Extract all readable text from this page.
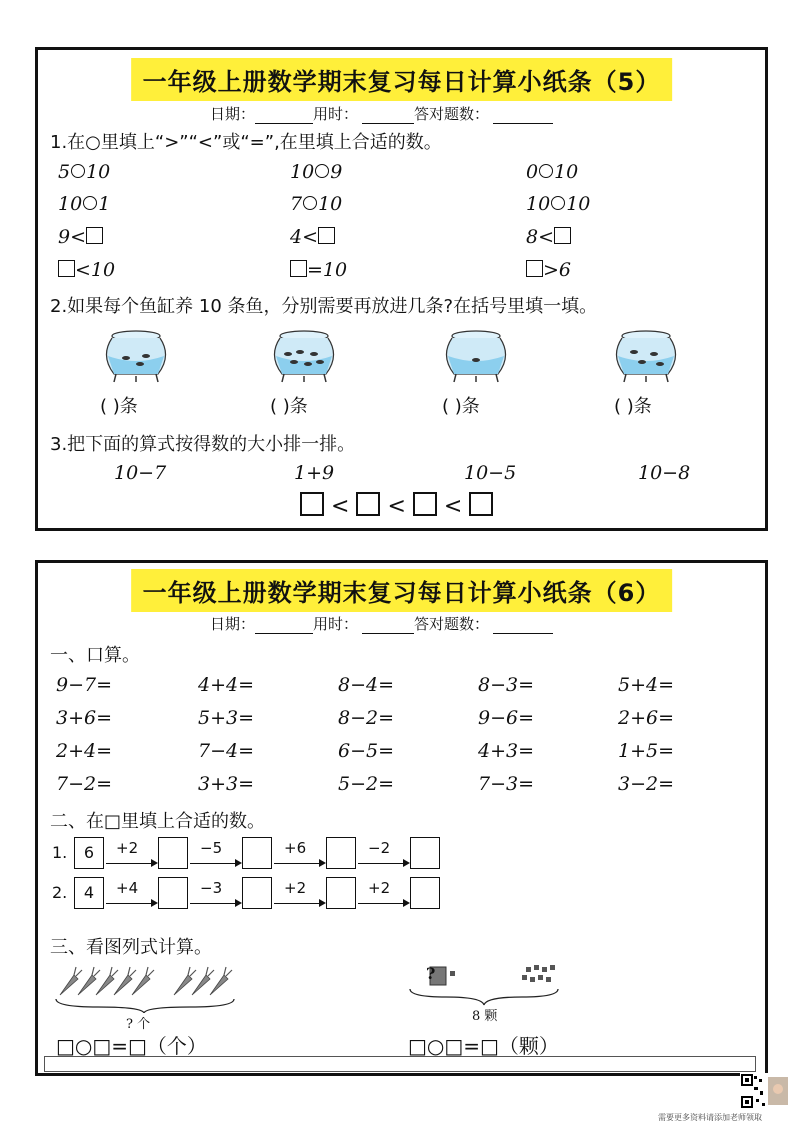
一年级上册数学期末复习每日计算小纸条（5）
日期：	用时：	答对题数：
1.在○里填上“>”“<”或“=”,在里填上合适的数。
5 10	10 9	0 10
10 1	7 10	10 10
9<	4<	8<
<10	=10	>6
2.如果每个鱼缸养 10 条鱼，分别需要再放进几条?在括号里填一填。
( )条	( )条	( )条	( )条
3.把下面的算式按得数的大小排一排。
10−7	1+9	10−5	10−8
< < <
一年级上册数学期末复习每日计算小纸条（6）
日期：	用时：	答对题数：
一、口算。
9−7=	4+4=	8−4=	8−3=	5+4=
3+6=	5+3=	8−2=	9−6=	2+6=
2+4=	7−4=	6−5=	4+3=	1+5=
7−2=	3+3=	5−2=	7−3=	3−2=
二、在□里填上合适的数。
1.	6	+2	−5	+6	−2
2.	4	+4	−3	+2	+2
三、看图列式计算。
? 个
?
8 颗
□○□=□（个）	□○□=□（颗）
需要更多资料请添加老师领取
